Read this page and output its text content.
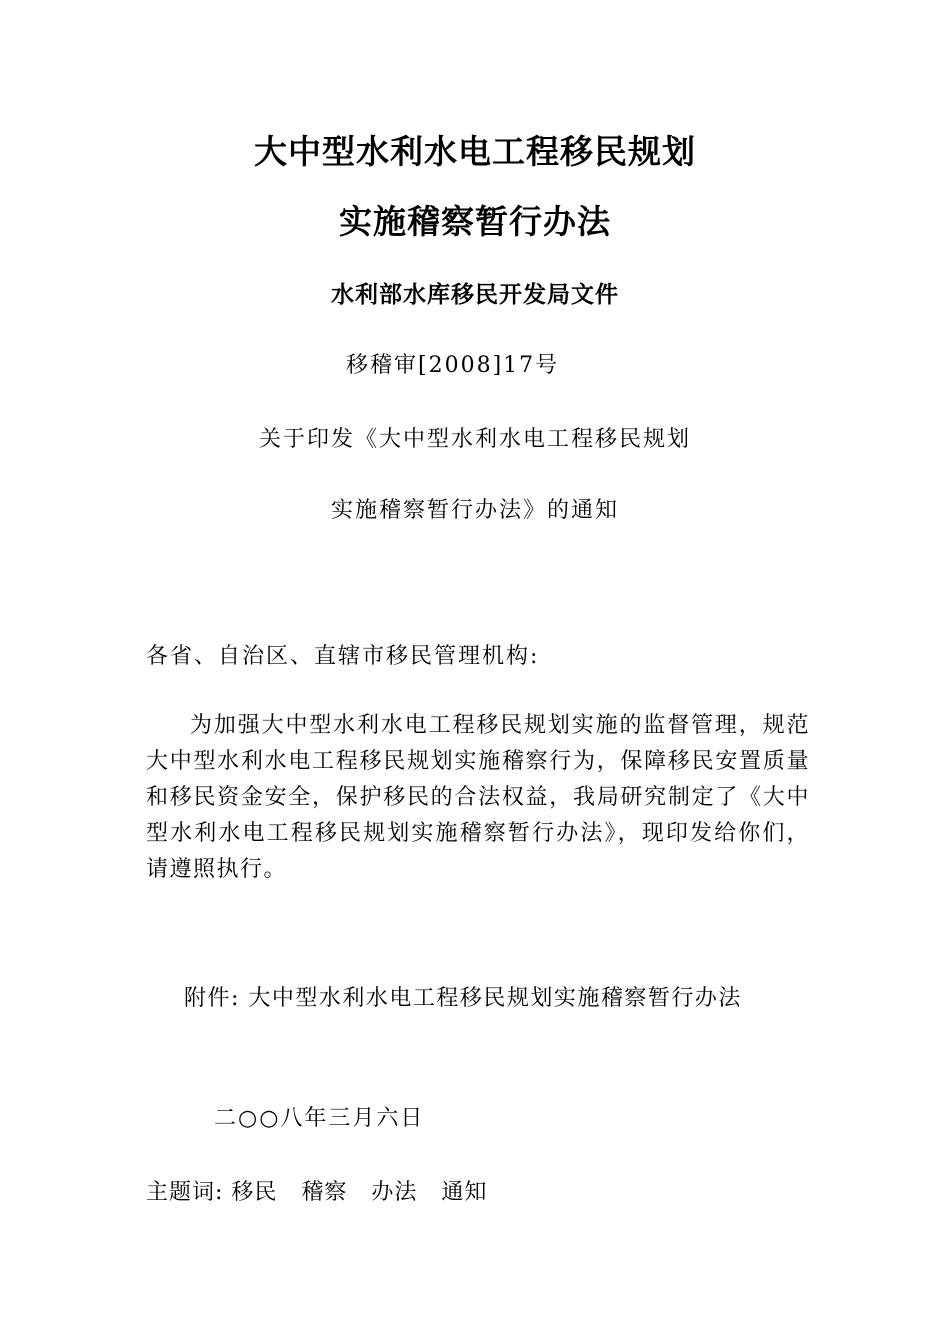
大中型水利水电工程移民规划
实施稽察暂行办法
水利部水库移民开发局文件
移稽审[2008]17号
关于印发《大中型水利水电工程移民规划
实施稽察暂行办法》的通知
各省、自治区、直辖市移民管理机构:
为加强大中型水利水电工程移民规划实施的监督管理，规范大中型水利水电工程移民规划实施稽察行为，保障移民安置质量和移民资金安全，保护移民的合法权益，我局研究制定了《大中型水利水电工程移民规划实施稽察暂行办法》，现印发给你们，请遵照执行。
附件: 大中型水利水电工程移民规划实施稽察暂行办法
二○○八年三月六日
主题词: 移民   稽察   办法   通知
